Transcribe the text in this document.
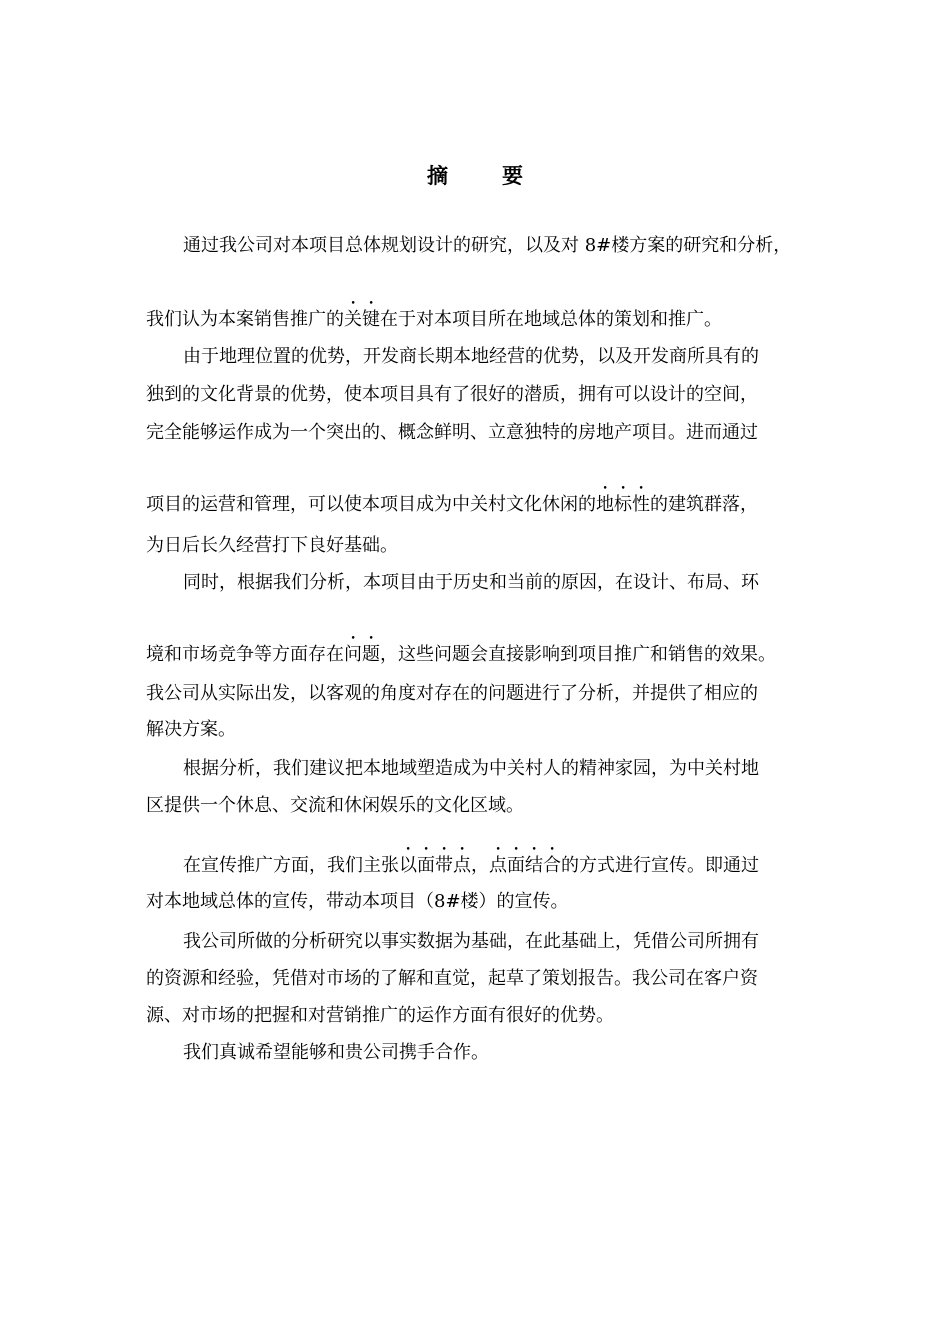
摘	要
通过我公司对本项目总体规划设计的研究，以及对 8#楼方案的研究和分析，
我们认为本案销售推广的关键在于对本项目所在地域总体的策划和推广。
由于地理位置的优势，开发商长期本地经营的优势，以及开发商所具有的
独到的文化背景的优势，使本项目具有了很好的潜质，拥有可以设计的空间，
完全能够运作成为一个突出的、概念鲜明、立意独特的房地产项目。进而通过
项目的运营和管理，可以使本项目成为中关村文化休闲的地标性的建筑群落，
为日后长久经营打下良好基础。
同时，根据我们分析，本项目由于历史和当前的原因，在设计、布局、环
境和市场竞争等方面存在问题，这些问题会直接影响到项目推广和销售的效果。
我公司从实际出发，以客观的角度对存在的问题进行了分析，并提供了相应的
解决方案。
根据分析，我们建议把本地域塑造成为中关村人的精神家园，为中关村地
区提供一个休息、交流和休闲娱乐的文化区域。
在宣传推广方面，我们主张以面带点，点面结合的方式进行宣传。即通过
对本地域总体的宣传，带动本项目（8#楼）的宣传。
我公司所做的分析研究以事实数据为基础，在此基础上，凭借公司所拥有
的资源和经验，凭借对市场的了解和直觉，起草了策划报告。我公司在客户资
源、对市场的把握和对营销推广的运作方面有很好的优势。
我们真诚希望能够和贵公司携手合作。
